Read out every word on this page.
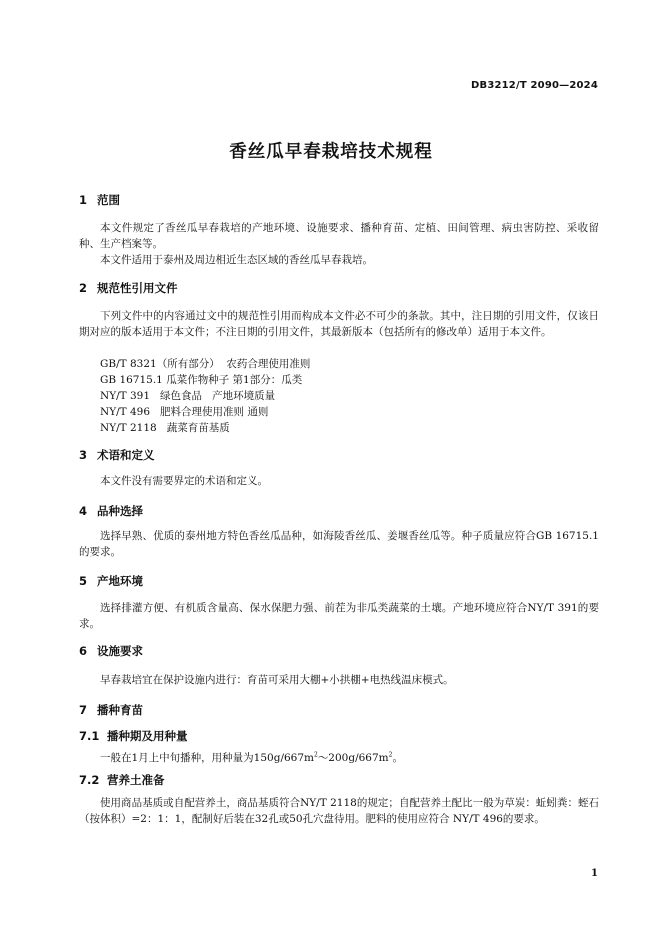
DB3212/T 2090—2024
香丝瓜早春栽培技术规程
1 范围
本文件规定了香丝瓜早春栽培的产地环境、设施要求、播种育苗、定植、田间管理、病虫害防控、采收留种、生产档案等。
本文件适用于泰州及周边相近生态区域的香丝瓜早春栽培。
2 规范性引用文件
下列文件中的内容通过文中的规范性引用而构成本文件必不可少的条款。其中，注日期的引用文件，仅该日期对应的版本适用于本文件；不注日期的引用文件，其最新版本（包括所有的修改单）适用于本文件。
GB/T 8321（所有部分）  农药合理使用准则
GB 16715.1 瓜菜作物种子 第1部分：瓜类
NY/T 391   绿色食品   产地环境质量
NY/T 496   肥料合理使用准则 通则
NY/T 2118   蔬菜育苗基质
3 术语和定义
本文件没有需要界定的术语和定义。
4 品种选择
选择早熟、优质的泰州地方特色香丝瓜品种，如海陵香丝瓜、姜堰香丝瓜等。种子质量应符合GB 16715.1的要求。
5 产地环境
选择排灌方便、有机质含量高、保水保肥力强、前茬为非瓜类蔬菜的土壤。产地环境应符合NY/T 391的要求。
6 设施要求
早春栽培宜在保护设施内进行：育苗可采用大棚+小拱棚+电热线温床模式。
7 播种育苗
7.1 播种期及用种量
一般在1月上中旬播种，用种量为$150g/667m^2\sim 200g/667m^2$。
7.2 营养土准备
使用商品基质或自配营养土，商品基质符合NY/T 2118的规定；自配营养土配比一般为草炭：蚯蚓粪：蛭石（按体积）=2：1：1，配制好后装在32孔或50孔穴盘待用。肥料的使用应符合 NY/T 496的要求。
1
